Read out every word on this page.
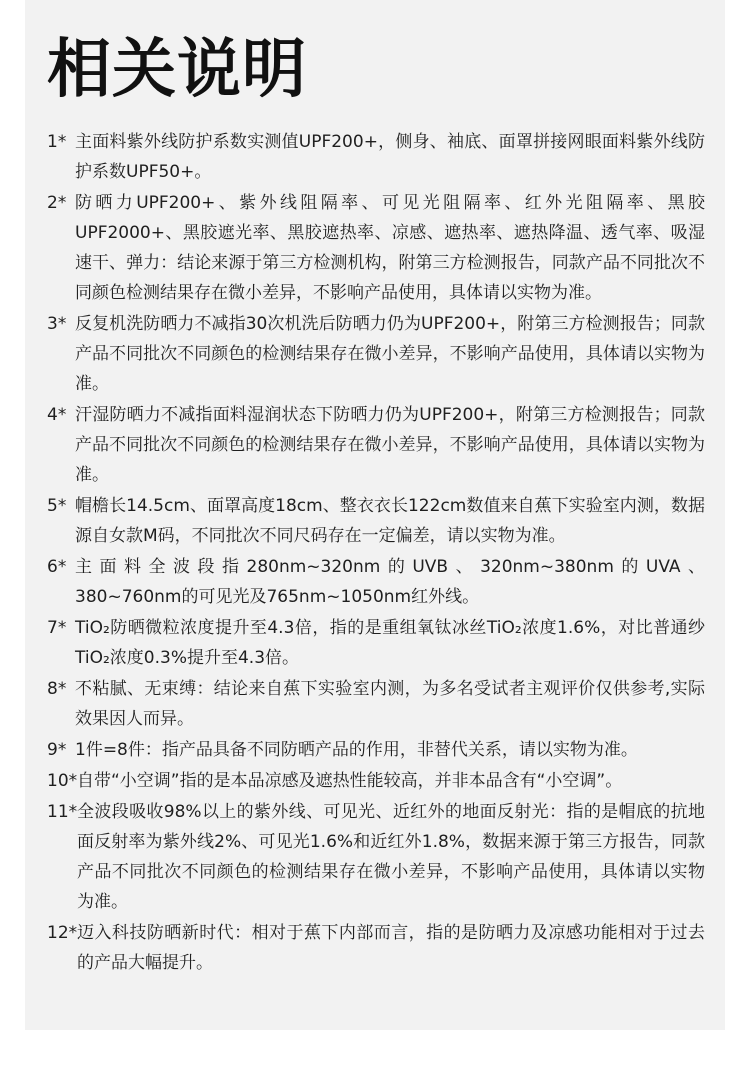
相关说明
1* 主面料紫外线防护系数实测值UPF200+，侧身、袖底、面罩拼接网眼面料紫外线防护系数UPF50+。
2* 防晒力UPF200+、紫外线阻隔率、可见光阻隔率、红外光阻隔率、黑胶UPF2000+、黑胶遮光率、黑胶遮热率、凉感、遮热率、遮热降温、透气率、吸湿速干、弹力：结论来源于第三方检测机构，附第三方检测报告，同款产品不同批次不同颜色检测结果存在微小差异，不影响产品使用，具体请以实物为准。
3* 反复机洗防晒力不减指30次机洗后防晒力仍为UPF200+，附第三方检测报告；同款产品不同批次不同颜色的检测结果存在微小差异，不影响产品使用，具体请以实物为准。
4* 汗湿防晒力不减指面料湿润状态下防晒力仍为UPF200+，附第三方检测报告；同款产品不同批次不同颜色的检测结果存在微小差异，不影响产品使用，具体请以实物为准。
5* 帽檐长14.5cm、面罩高度18cm、整衣衣长122cm数值来自蕉下实验室内测，数据源自女款M码，不同批次不同尺码存在一定偏差，请以实物为准。
6* 主面料全波段指280nm~320nm的UVB、320nm~380nm的UVA、380~760nm的可见光及765nm~1050nm红外线。
7* TiO₂防晒微粒浓度提升至4.3倍，指的是重组氧钛冰丝TiO₂浓度1.6%，对比普通纱TiO₂浓度0.3%提升至4.3倍。
8* 不粘腻、无束缚：结论来自蕉下实验室内测，为多名受试者主观评价仅供参考,实际效果因人而异。
9* 1件=8件：指产品具备不同防晒产品的作用，非替代关系，请以实物为准。
10* 自带“小空调”指的是本品凉感及遮热性能较高，并非本品含有“小空调”。
11* 全波段吸收98%以上的紫外线、可见光、近红外的地面反射光：指的是帽底的抗地面反射率为紫外线2%、可见光1.6%和近红外1.8%，数据来源于第三方报告，同款产品不同批次不同颜色的检测结果存在微小差异，不影响产品使用，具体请以实物为准。
12* 迈入科技防晒新时代：相对于蕉下内部而言，指的是防晒力及凉感功能相对于过去的产品大幅提升。
